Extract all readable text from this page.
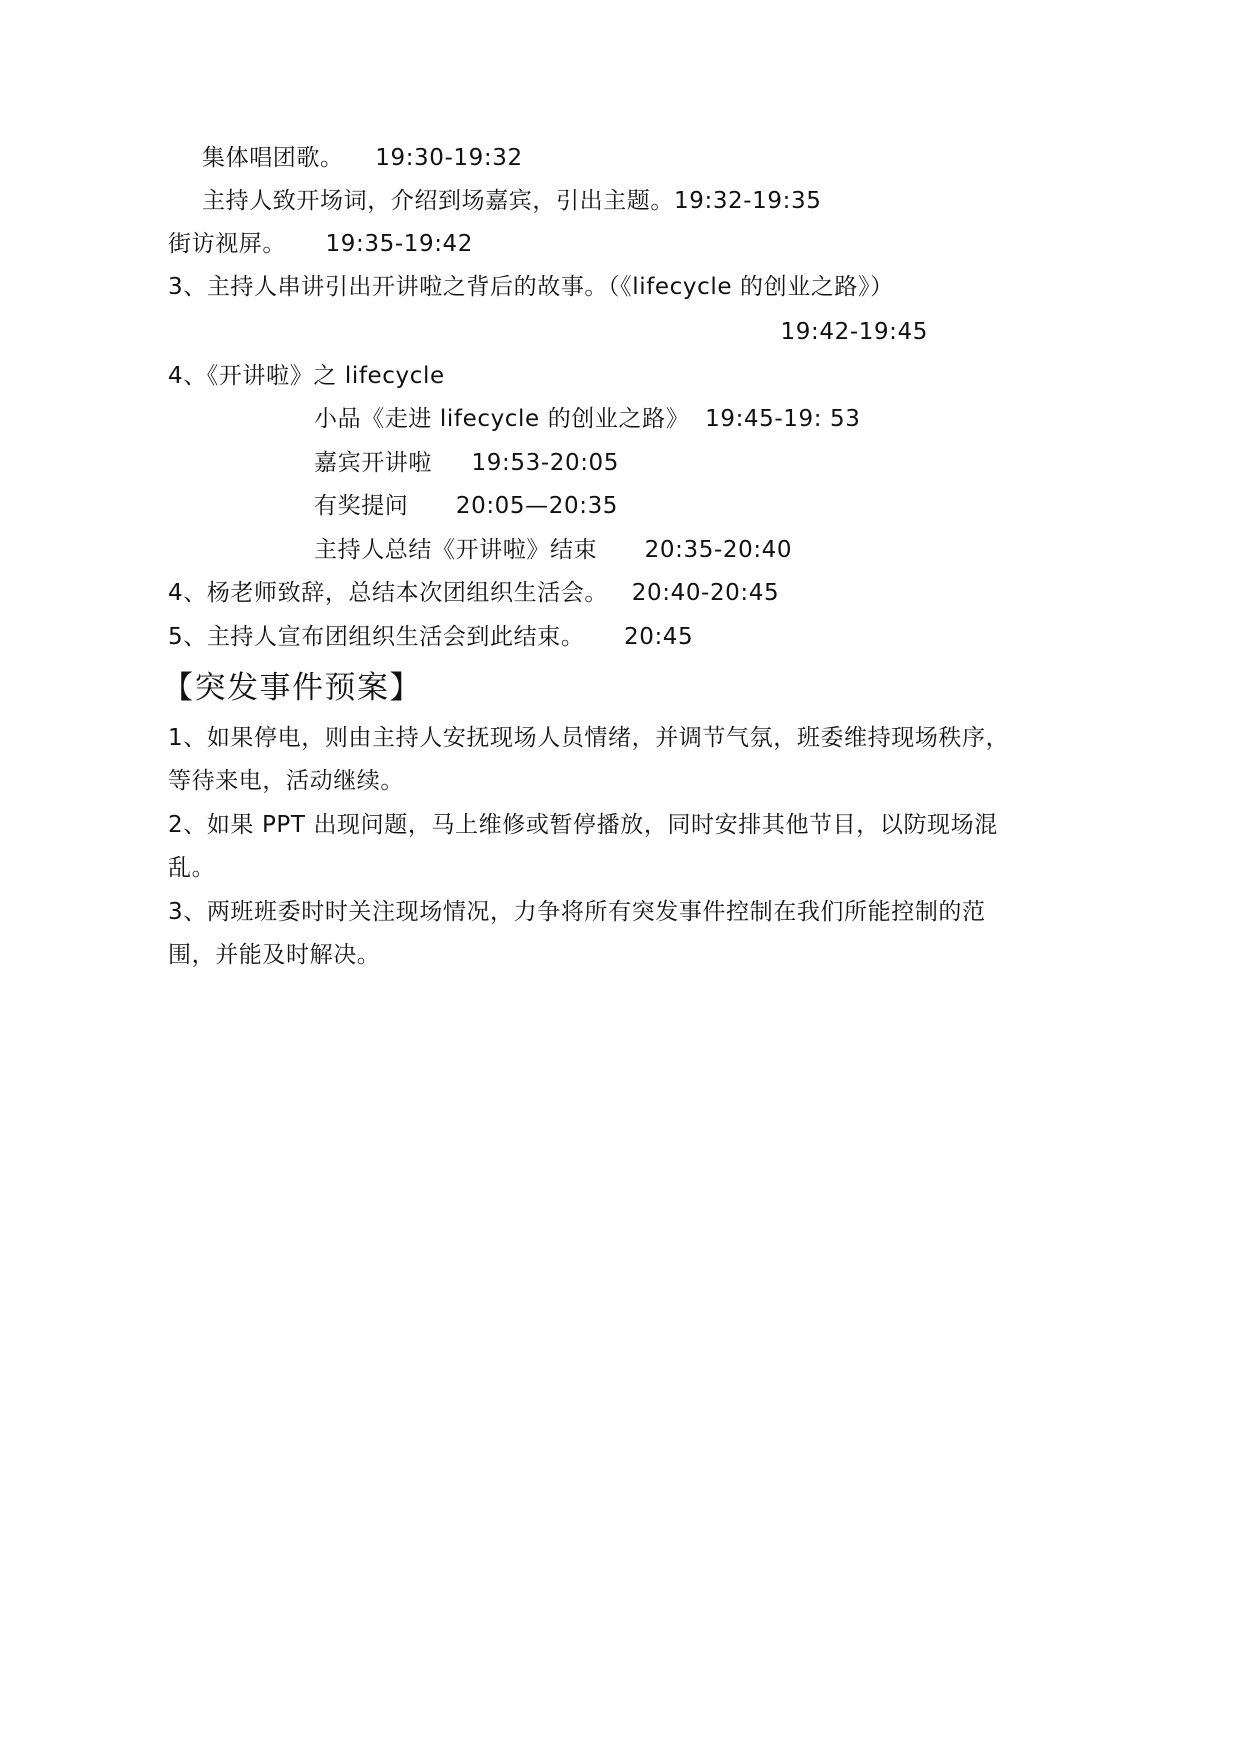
集体唱团歌。    19:30-19:32
主持人致开场词，介绍到场嘉宾，引出主题。19:32-19:35
街访视屏。     19:35-19:42
3、主持人串讲引出开讲啦之背后的故事。（《lifecycle 的创业之路》）
19:42-19:45
4、《开讲啦》之 lifecycle
小品《走进 lifecycle 的创业之路》  19:45-19: 53
嘉宾开讲啦     19:53-20:05
有奖提问      20:05—20:35
主持人总结《开讲啦》结束      20:35-20:40
4、杨老师致辞，总结本次团组织生活会。   20:40-20:45
5、主持人宣布团组织生活会到此结束。     20:45
【突发事件预案】
1、如果停电，则由主持人安抚现场人员情绪，并调节气氛，班委维持现场秩序，
等待来电，活动继续。
2、如果 PPT 出现问题，马上维修或暂停播放，同时安排其他节目，以防现场混
乱。
3、两班班委时时关注现场情况，力争将所有突发事件控制在我们所能控制的范
围，并能及时解决。
